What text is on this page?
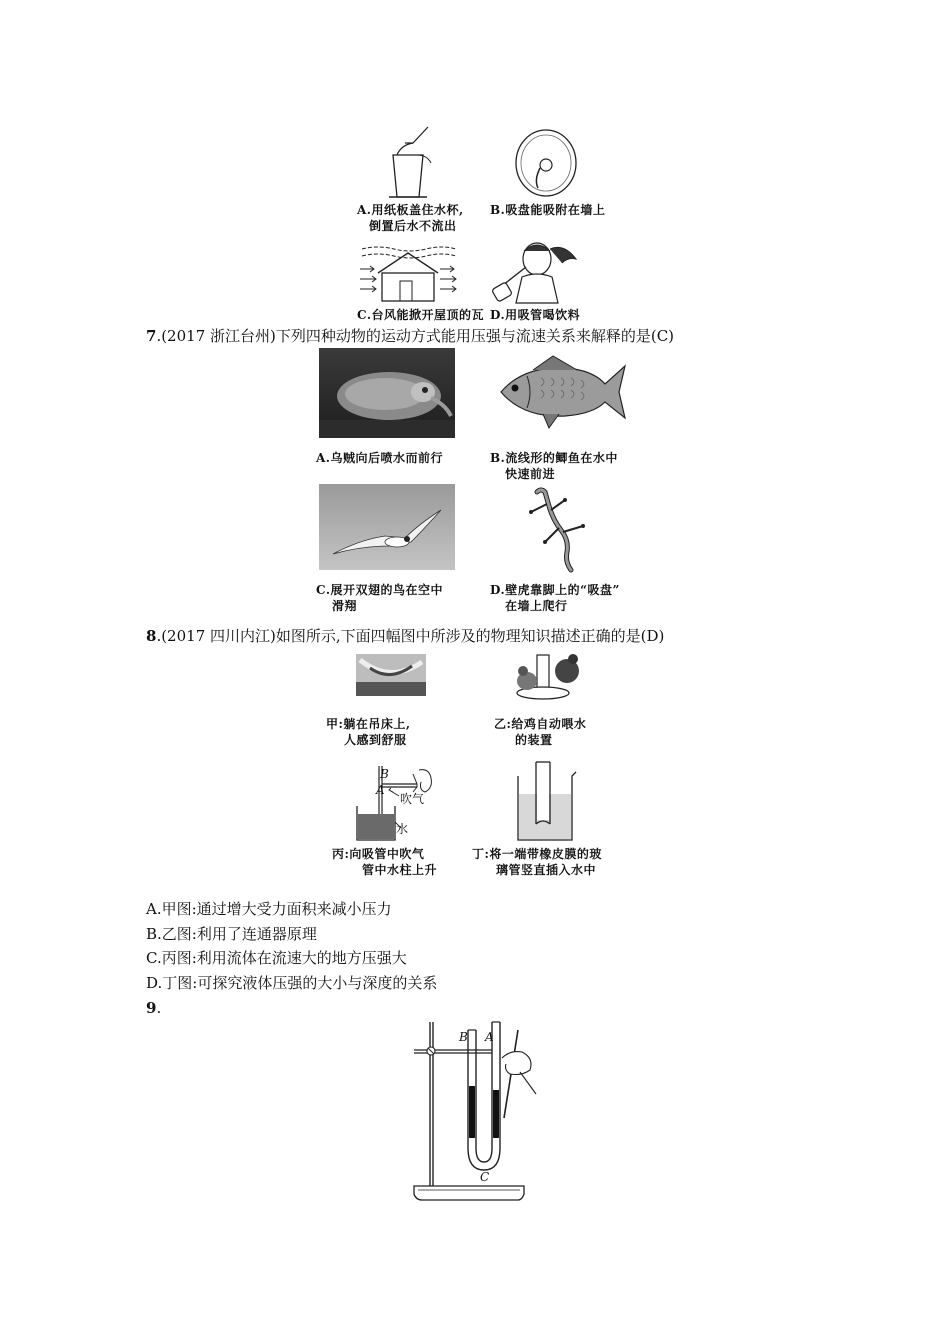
A.用纸板盖住水杯,
倒置后水不流出
B.吸盘能吸附在墙上
C.台风能掀开屋顶的瓦 D.用吸管喝饮料
7.(2017 浙江台州)下列四种动物的运动方式能用压强与流速关系来解释的是(C)
A.乌贼向后喷水而前行	B.流线形的鲫鱼在水中
快速前进
C.展开双翅的鸟在空中
滑翔
D.壁虎靠脚上的“吸盘”
在墙上爬行
8.(2017 四川内江)如图所示,下面四幅图中所涉及的物理知识描述正确的是(D)
甲:躺在吊床上,
人感到舒服
乙:给鸡自动喂水
的装置
B
A
吹气
水
丙:向吸管中吹气
管中水柱上升
丁:将一端带橡皮膜的玻
璃管竖直插入水中
A.甲图:通过增大受力面积来减小压力
B.乙图:利用了连通器原理
C.丙图:利用流体在流速大的地方压强大
D.丁图:可探究液体压强的大小与深度的关系
9.
B A
C
